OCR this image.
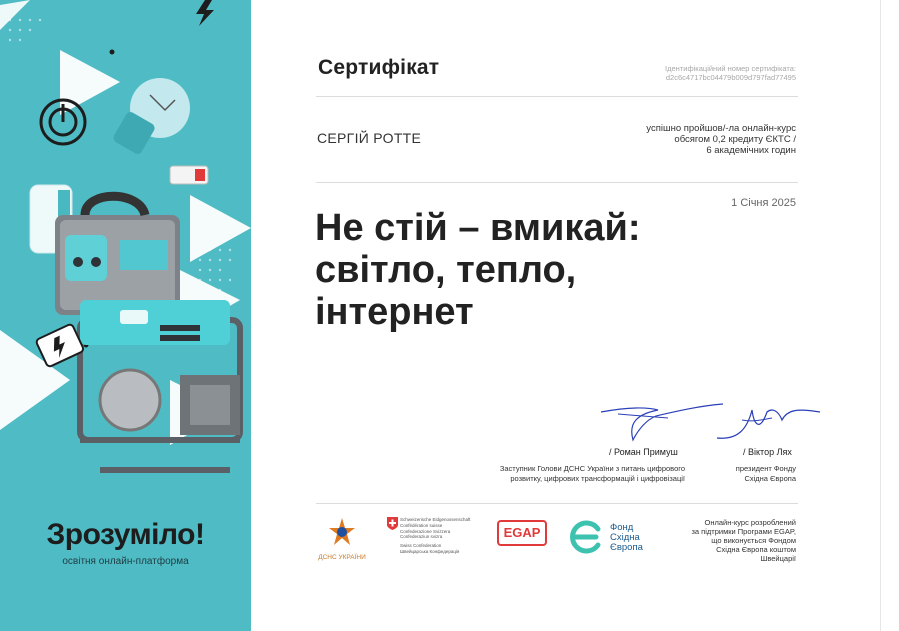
Зрозуміло!
освітня онлайн-платформа
Сертифікат	Ідентифікаційний номер сертифіката:
d2c6c4717bc04479b009d797fad77495
СЕРГІЙ РОТТЕ
успішно пройшов/-ла онлайн-курс
обсягом 0,2 кредиту ЄКТС /
6 академічних годин
1 Січня 2025
Не стій – вмикай:
світло, тепло,
інтернет
/ Роман Примуш	/ Віктор Лях
Заступник Голови ДСНС України з питань цифрового
розвитку, цифрових трансформацій і цифровізації
президент Фонду
Східна Європа
ДСНС УКРАЇНИ
Schweizerische Eidgenossenschaft
Confédération suisse
Confederazione Svizzera
Confederaziun svizra
Swiss Confederation
Швейцарська Конфедерація
EGAP	Фонд
Східна
Європа
Онлайн-курс розроблений
за підтримки Програми EGAP,
що виконується Фондом
Східна Європа коштом
Швейцарії
